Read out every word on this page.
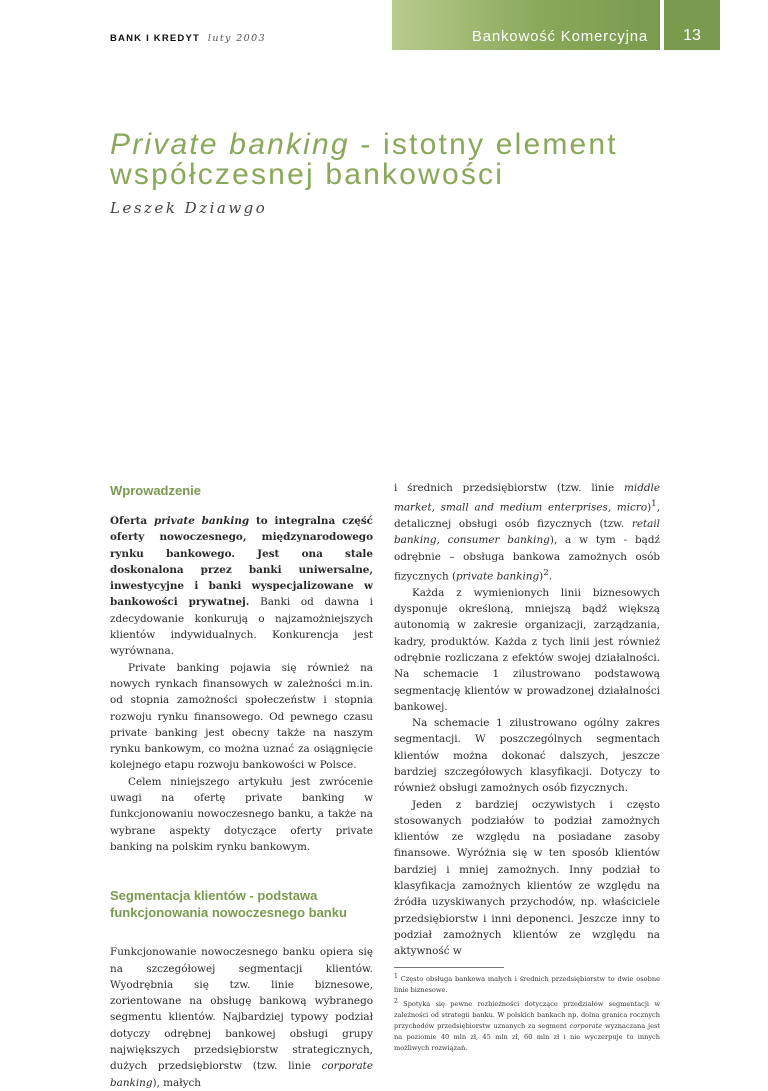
BANK I KREDYT luty 2003	Bankowość Komercyjna	13
Private banking - istotny element
współczesnej bankowości
Leszek Dziawgo
Wprowadzenie

Oferta private banking to integralna część oferty nowoczesnego, międzynarodowego rynku bankowego. Jest ona stale doskonalona przez banki uniwersalne, inwestycyjne i banki wyspecjalizowane w bankowości prywatnej. Banki od dawna i zdecydowanie konkurują o najzamożniejszych klientów indywidualnych. Konkurencja jest wyrównana.

Private banking pojawia się również na nowych rynkach finansowych w zależności m.in. od stopnia zamożności społeczeństw i stopnia rozwoju rynku finansowego. Od pewnego czasu private banking jest obecny także na naszym rynku bankowym, co można uznać za osiągnięcie kolejnego etapu rozwoju bankowości w Polsce.

Celem niniejszego artykułu jest zwrócenie uwagi na ofertę private banking w funkcjonowaniu nowoczesnego banku, a także na wybrane aspekty dotyczące oferty private banking na polskim rynku bankowym.

Segmentacja klientów - podstawa funkcjonowania nowoczesnego banku

Funkcjonowanie nowoczesnego banku opiera się na szczegółowej segmentacji klientów. Wyodrębnia się tzw. linie biznesowe, zorientowane na obsługę bankową wybranego segmentu klientów. Najbardziej typowy podział dotyczy odrębnej bankowej obsługi grupy największych przedsiębiorstw strategicznych, dużych przedsiębiorstw (tzw. linie corporate banking), małych

i średnich przedsiębiorstw (tzw. linie middle market, small and medium enterprises, micro)$^1$, detalicznej obsługi osób fizycznych (tzw. retail banking, consumer banking), a w tym - bądź odrębnie – obsługa bankowa zamożnych osób fizycznych (private banking)$^2$.

Każda z wymienionych linii biznesowych dysponuje określoną, mniejszą bądź większą autonomią w zakresie organizacji, zarządzania, kadry, produktów. Każda z tych linii jest również odrębnie rozliczana z efektów swojej działalności. Na schemacie 1 zilustrowano podstawową segmentację klientów w prowadzonej działalności bankowej.

Na schemacie 1 zilustrowano ogólny zakres segmentacji. W poszczególnych segmentach klientów można dokonać dalszych, jeszcze bardziej szczegółowych klasyfikacji. Dotyczy to również obsługi zamożnych osób fizycznych.

Jeden z bardziej oczywistych i często stosowanych podziałów to podział zamożnych klientów ze względu na posiadane zasoby finansowe. Wyróżnia się w ten sposób klientów bardziej i mniej zamożnych. Inny podział to klasyfikacja zamożnych klientów ze względu na źródła uzyskiwanych przychodów, np. właściciele przedsiębiorstw i inni deponenci. Jeszcze inny to podział zamożnych klientów ze względu na aktywność w

$^1$ Często obsługa bankowa małych i średnich przedsiębiorstw to dwie osobne linie biznesowe.
$^2$ Spotyka się pewne rozbieżności dotyczące przedziałów segmentacji w zależności od strategii banku. W polskich bankach np. dolna granica rocznych przychodów przedsiębiorstw uznanych za segment corporate wyznaczana jest na poziomie 40 mln zł, 45 mln zł, 60 mln zł i nie wyczerpuje to innych możliwych rozwiązań.
